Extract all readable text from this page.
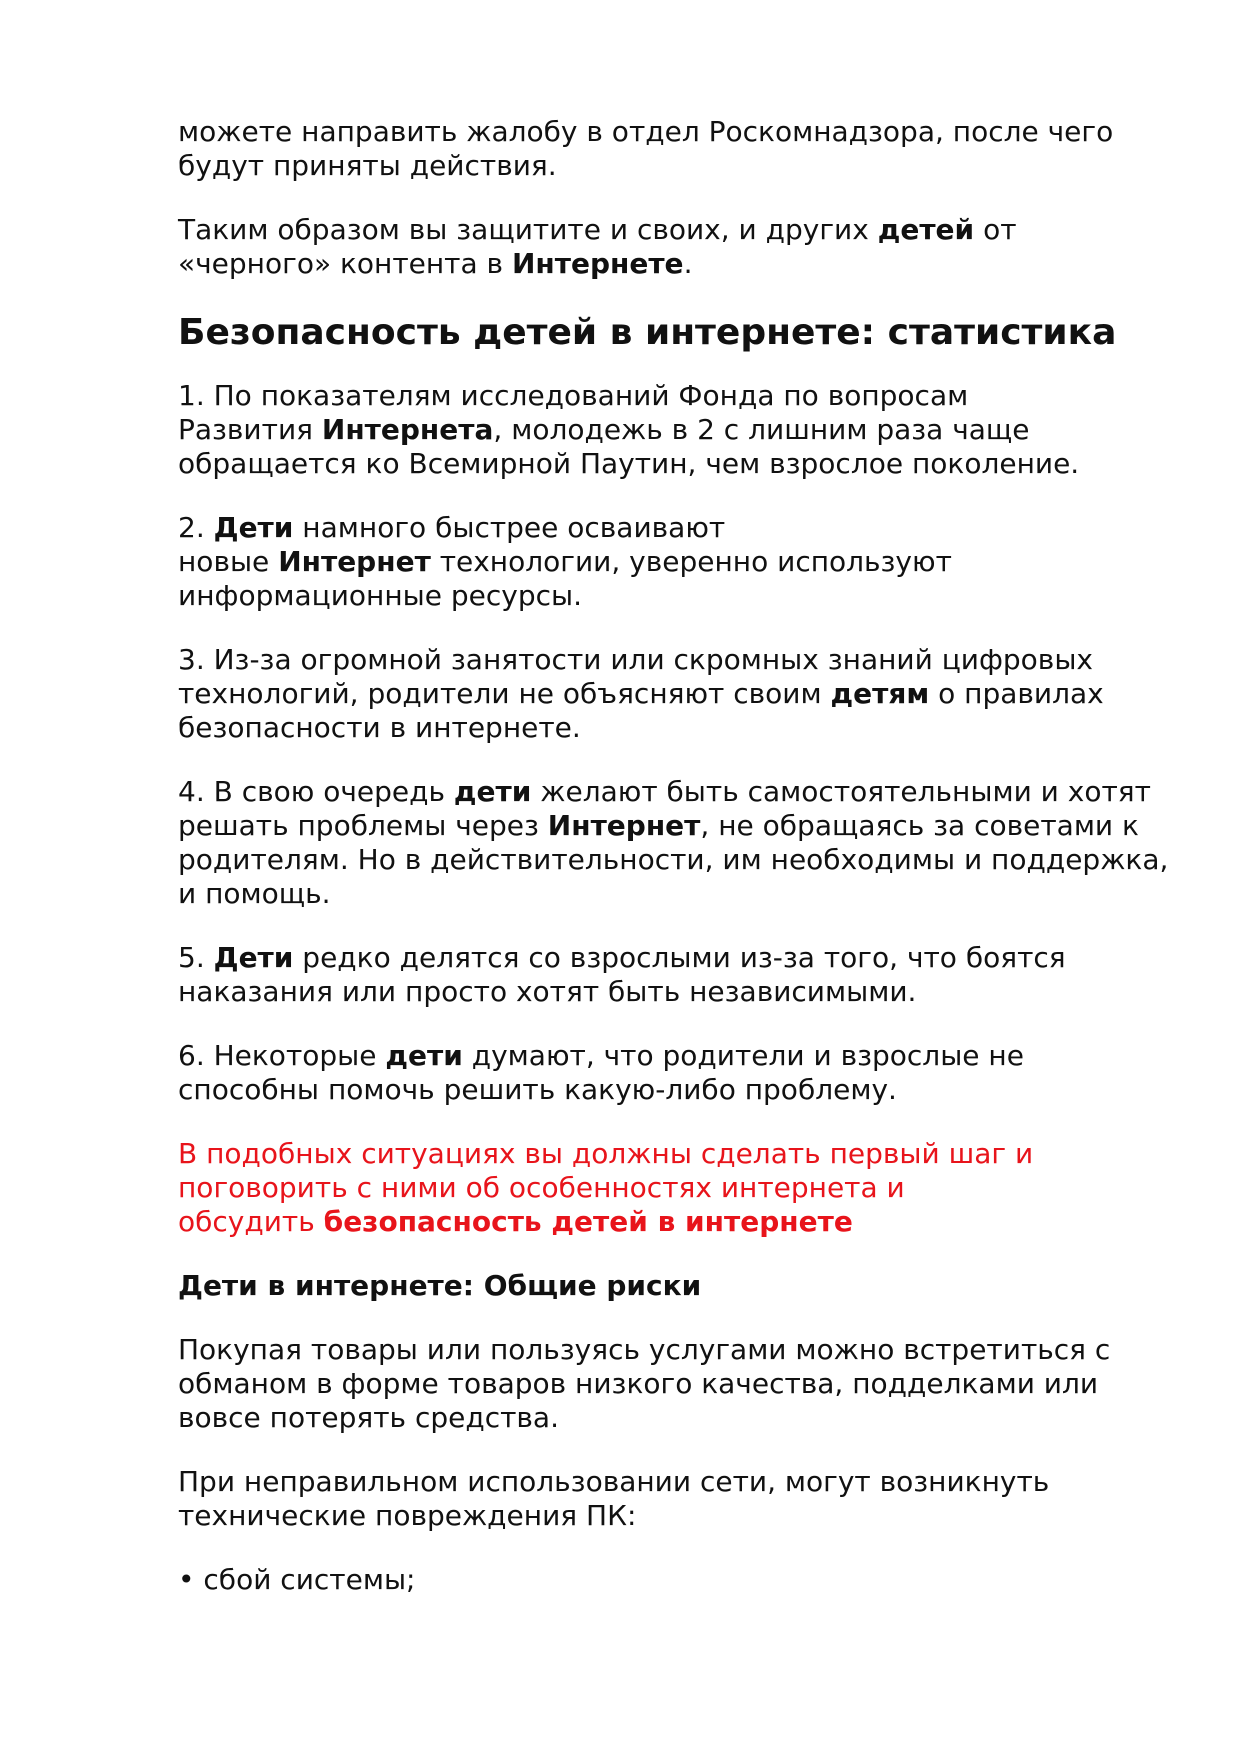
можете направить жалобу в отдел Роскомнадзора, после чего
будут приняты действия.

Таким образом вы защитите и своих, и других детей от
«черного» контента в Интернете.

Безопасность детей в интернете: статистика

1. По показателям исследований Фонда по вопросам
Развития Интернета, молодежь в 2 с лишним раза чаще
обращается ко Всемирной Паутин, чем взрослое поколение.

2. Дети намного быстрее осваивают
новые Интернет технологии, уверенно используют
информационные ресурсы.

3. Из-за огромной занятости или скромных знаний цифровых
технологий, родители не объясняют своим детям о правилах
безопасности в интернете.

4. В свою очередь дети желают быть самостоятельными и хотят
решать проблемы через Интернет, не обращаясь за советами к
родителям. Но в действительности, им необходимы и поддержка,
и помощь.

5. Дети редко делятся со взрослыми из-за того, что боятся
наказания или просто хотят быть независимыми.

6. Некоторые дети думают, что родители и взрослые не
способны помочь решить какую-либо проблему.

В подобных ситуациях вы должны сделать первый шаг и
поговорить с ними об особенностях интернета и
обсудить безопасность детей в интернете

Дети в интернете: Общие риски

Покупая товары или пользуясь услугами можно встретиться с
обманом в форме товаров низкого качества, подделками или
вовсе потерять средства.

При неправильном использовании сети, могут возникнуть
технические повреждения ПК:

• сбой системы;
